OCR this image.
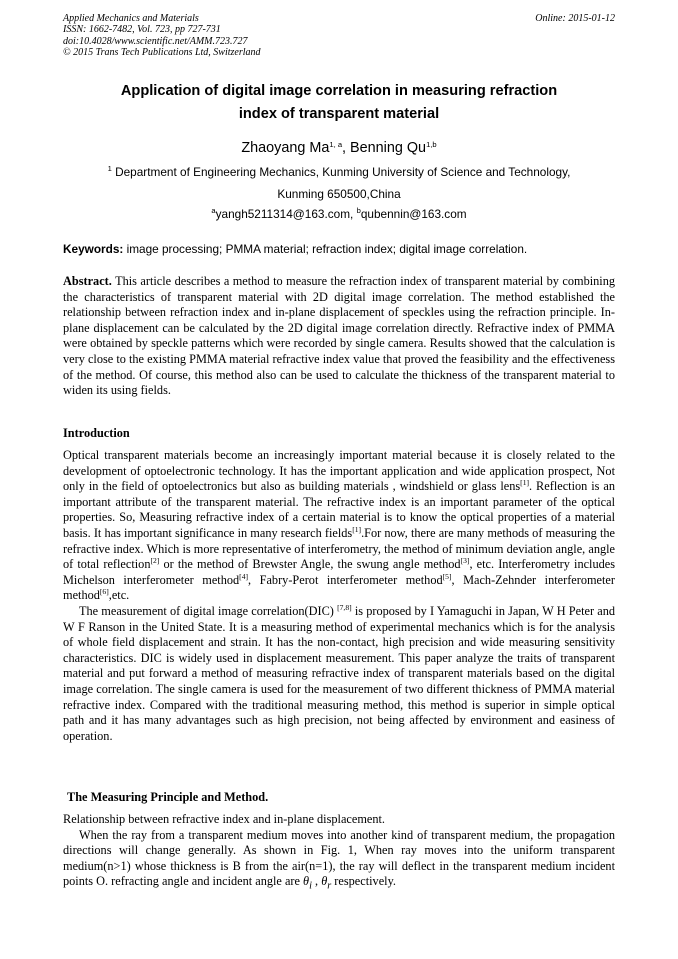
Applied Mechanics and Materials
ISSN: 1662-7482, Vol. 723, pp 727-731
doi:10.4028/www.scientific.net/AMM.723.727
© 2015 Trans Tech Publications Ltd, Switzerland
Online: 2015-01-12
Application of digital image correlation in measuring refraction
index of transparent material
Zhaoyang Ma$^{1, a}$, Benning Qu$^{1,b}$
$^1$ Department of Engineering Mechanics, Kunming University of Science and Technology,
Kunming 650500,China
$^a$yangh5211314@163.com, $^b$qubennin@163.com
Keywords: image processing; PMMA material; refraction index; digital image correlation.
Abstract. This article describes a method to measure the refraction index of transparent material by combining the characteristics of transparent material with 2D digital image correlation. The method established the relationship between refraction index and in-plane displacement of speckles using the refraction principle. In-plane displacement can be calculated by the 2D digital image correlation directly. Refractive index of PMMA were obtained by speckle patterns which were recorded by single camera. Results showed that the calculation is very close to the existing PMMA material refractive index value that proved the feasibility and the effectiveness of the method. Of course, this method also can be used to calculate the thickness of the transparent material to widen its using fields.
Introduction

Optical transparent materials become an increasingly important material because it is closely related to the development of optoelectronic technology. It has the important application and wide application prospect, Not only in the field of optoelectronics but also as building materials , windshield or glass lens[1]. Reflection is an important attribute of the transparent material. The refractive index is an important parameter of the optical properties. So, Measuring refractive index of a certain material is to know the optical properties of a material basis. It has important significance in many research fields[1].For now, there are many methods of measuring the refractive index. Which is more representative of interferometry, the method of minimum deviation angle, angle of total reflection[2] or the method of Brewster Angle, the swung angle method[3], etc. Interferometry includes Michelson interferometer method[4], Fabry-Perot interferometer method[5], Mach-Zehnder interferometer method[6],etc.

The measurement of digital image correlation(DIC) [7,8] is proposed by I Yamaguchi in Japan, W H Peter and W F Ranson in the United State. It is a measuring method of experimental mechanics which is for the analysis of whole field displacement and strain. It has the non-contact, high precision and wide measuring sensitivity characteristics. DIC is widely used in displacement measurement. This paper analyze the traits of transparent material and put forward a method of measuring refractive index of transparent materials based on the digital image correlation. The single camera is used for the measurement of two different thickness of PMMA material refractive index. Compared with the traditional measuring method, this method is superior in simple optical path and it has many advantages such as high precision, not being affected by environment and easiness of operation.

The Measuring Principle and Method.

Relationship between refractive index and in-plane displacement.

When the ray from a transparent medium moves into another kind of transparent medium, the propagation directions will change generally. As shown in Fig. 1, When ray moves into the uniform transparent medium(n>1) whose thickness is B from the air(n=1), the ray will deflect in the transparent medium incident points O. refracting angle and incident angle are $\theta_i$ , $\theta_r$ respectively.
